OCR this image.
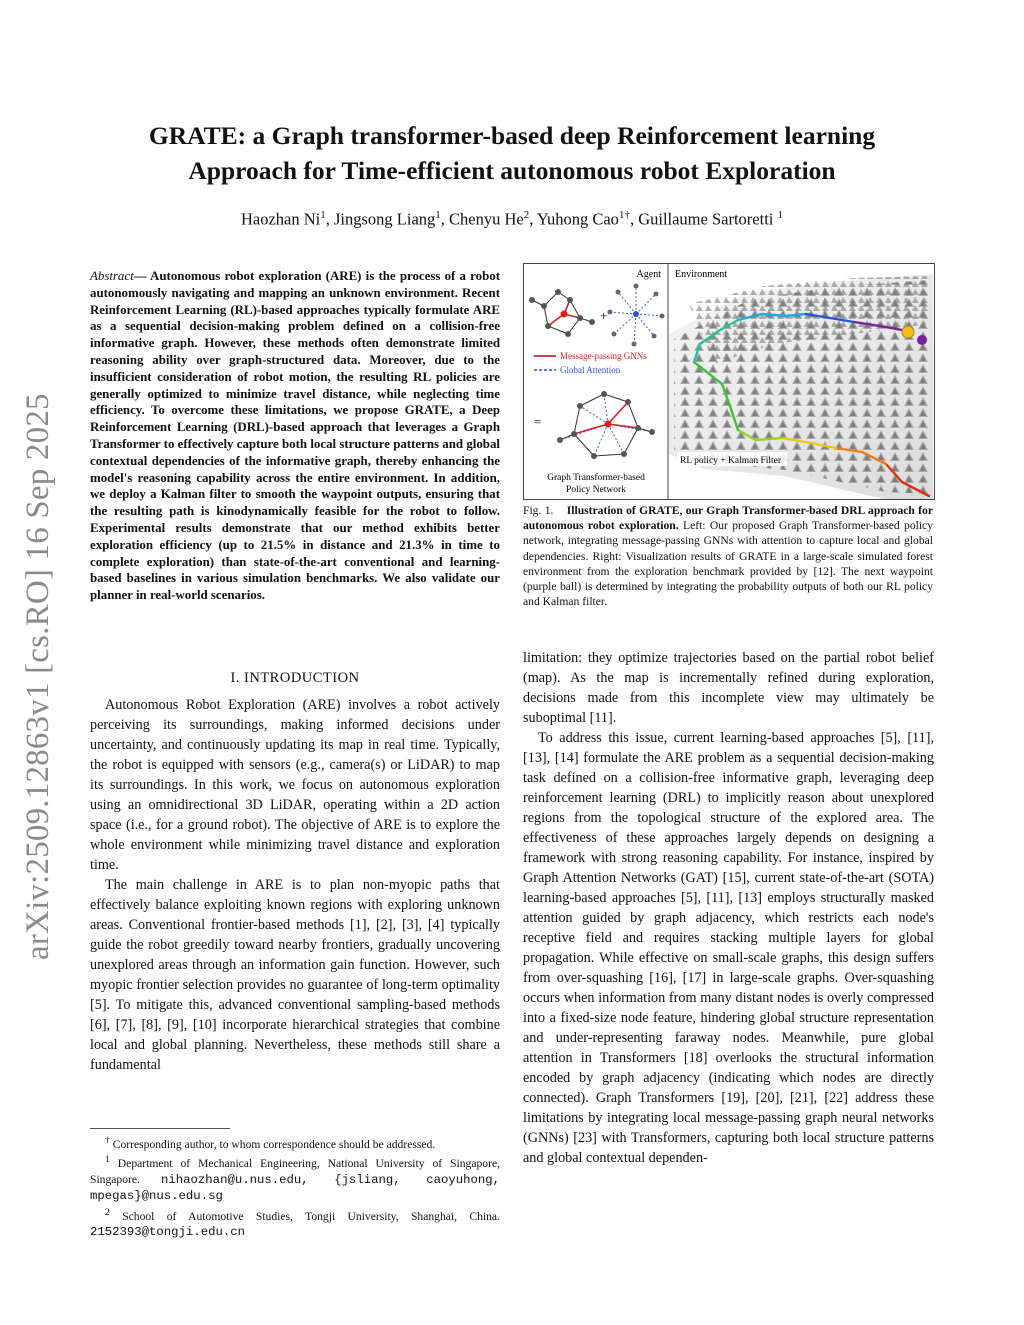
arXiv:2509.12863v1 [cs.RO] 16 Sep 2025
GRATE: a Graph transformer-based deep Reinforcement learning
Approach for Time-efficient autonomous robot Exploration
Haozhan Ni$^1$, Jingsong Liang$^1$, Chenyu He$^2$, Yuhong Cao$^{1\dagger}$, Guillaume Sartoretti $^1$
Abstract— Autonomous robot exploration (ARE) is the process of a robot autonomously navigating and mapping an unknown environment. Recent Reinforcement Learning (RL)-based approaches typically formulate ARE as a sequential decision-making problem defined on a collision-free informative graph. However, these methods often demonstrate limited reasoning ability over graph-structured data. Moreover, due to the insufficient consideration of robot motion, the resulting RL policies are generally optimized to minimize travel distance, while neglecting time efficiency. To overcome these limitations, we propose GRATE, a Deep Reinforcement Learning (DRL)-based approach that leverages a Graph Transformer to effectively capture both local structure patterns and global contextual dependencies of the informative graph, thereby enhancing the model's reasoning capability across the entire environment. In addition, we deploy a Kalman filter to smooth the waypoint outputs, ensuring that the resulting path is kinodynamically feasible for the robot to follow. Experimental results demonstrate that our method exhibits better exploration efficiency (up to 21.5% in distance and 21.3% in time to complete exploration) than state-of-the-art conventional and learning-based baselines in various simulation benchmarks. We also validate our planner in real-world scenarios.
I. INTRODUCTION

Autonomous Robot Exploration (ARE) involves a robot actively perceiving its surroundings, making informed decisions under uncertainty, and continuously updating its map in real time. Typically, the robot is equipped with sensors (e.g., camera(s) or LiDAR) to map its surroundings. In this work, we focus on autonomous exploration using an omnidirectional 3D LiDAR, operating within a 2D action space (i.e., for a ground robot). The objective of ARE is to explore the whole environment while minimizing travel distance and exploration time.

The main challenge in ARE is to plan non-myopic paths that effectively balance exploiting known regions with exploring unknown areas. Conventional frontier-based methods [1], [2], [3], [4] typically guide the robot greedily toward nearby frontiers, gradually uncovering unexplored areas through an information gain function. However, such myopic frontier selection provides no guarantee of long-term optimality [5]. To mitigate this, advanced conventional sampling-based methods [6], [7], [8], [9], [10] incorporate hierarchical strategies that combine local and global planning. Nevertheless, these methods still share a fundamental

† Corresponding author, to whom correspondence should be addressed.

$^1$ Department of Mechanical Engineering, National University of Singapore, Singapore. nihaozhan@u.nus.edu, {jsliang, caoyuhong, mpegas}@nus.edu.sg

$^2$ School of Automotive Studies, Tongji University, Shanghai, China. 2152393@tongji.edu.cn

Agent Environment
+
Message-passing GNNs
Global Attention
=
Graph Transformer-based
Policy Network
RL policy + Kalman Filter
Fig. 1. Illustration of GRATE, our Graph Transformer-based DRL approach for autonomous robot exploration. Left: Our proposed Graph Transformer-based policy network, integrating message-passing GNNs with attention to capture local and global dependencies. Right: Visualization results of GRATE in a large-scale simulated forest environment from the exploration benchmark provided by [12]. The next waypoint (purple ball) is determined by integrating the probability outputs of both our RL policy and Kalman filter.

limitation: they optimize trajectories based on the partial robot belief (map). As the map is incrementally refined during exploration, decisions made from this incomplete view may ultimately be suboptimal [11].

To address this issue, current learning-based approaches [5], [11], [13], [14] formulate the ARE problem as a sequential decision-making task defined on a collision-free informative graph, leveraging deep reinforcement learning (DRL) to implicitly reason about unexplored regions from the topological structure of the explored area. The effectiveness of these approaches largely depends on designing a framework with strong reasoning capability. For instance, inspired by Graph Attention Networks (GAT) [15], current state-of-the-art (SOTA) learning-based approaches [5], [11], [13] employs structurally masked attention guided by graph adjacency, which restricts each node's receptive field and requires stacking multiple layers for global propagation. While effective on small-scale graphs, this design suffers from over-squashing [16], [17] in large-scale graphs. Over-squashing occurs when information from many distant nodes is overly compressed into a fixed-size node feature, hindering global structure representation and under-representing faraway nodes. Meanwhile, pure global attention in Transformers [18] overlooks the structural information encoded by graph adjacency (indicating which nodes are directly connected). Graph Transformers [19], [20], [21], [22] address these limitations by integrating local message-passing graph neural networks (GNNs) [23] with Transformers, capturing both local structure patterns and global contextual dependen-
